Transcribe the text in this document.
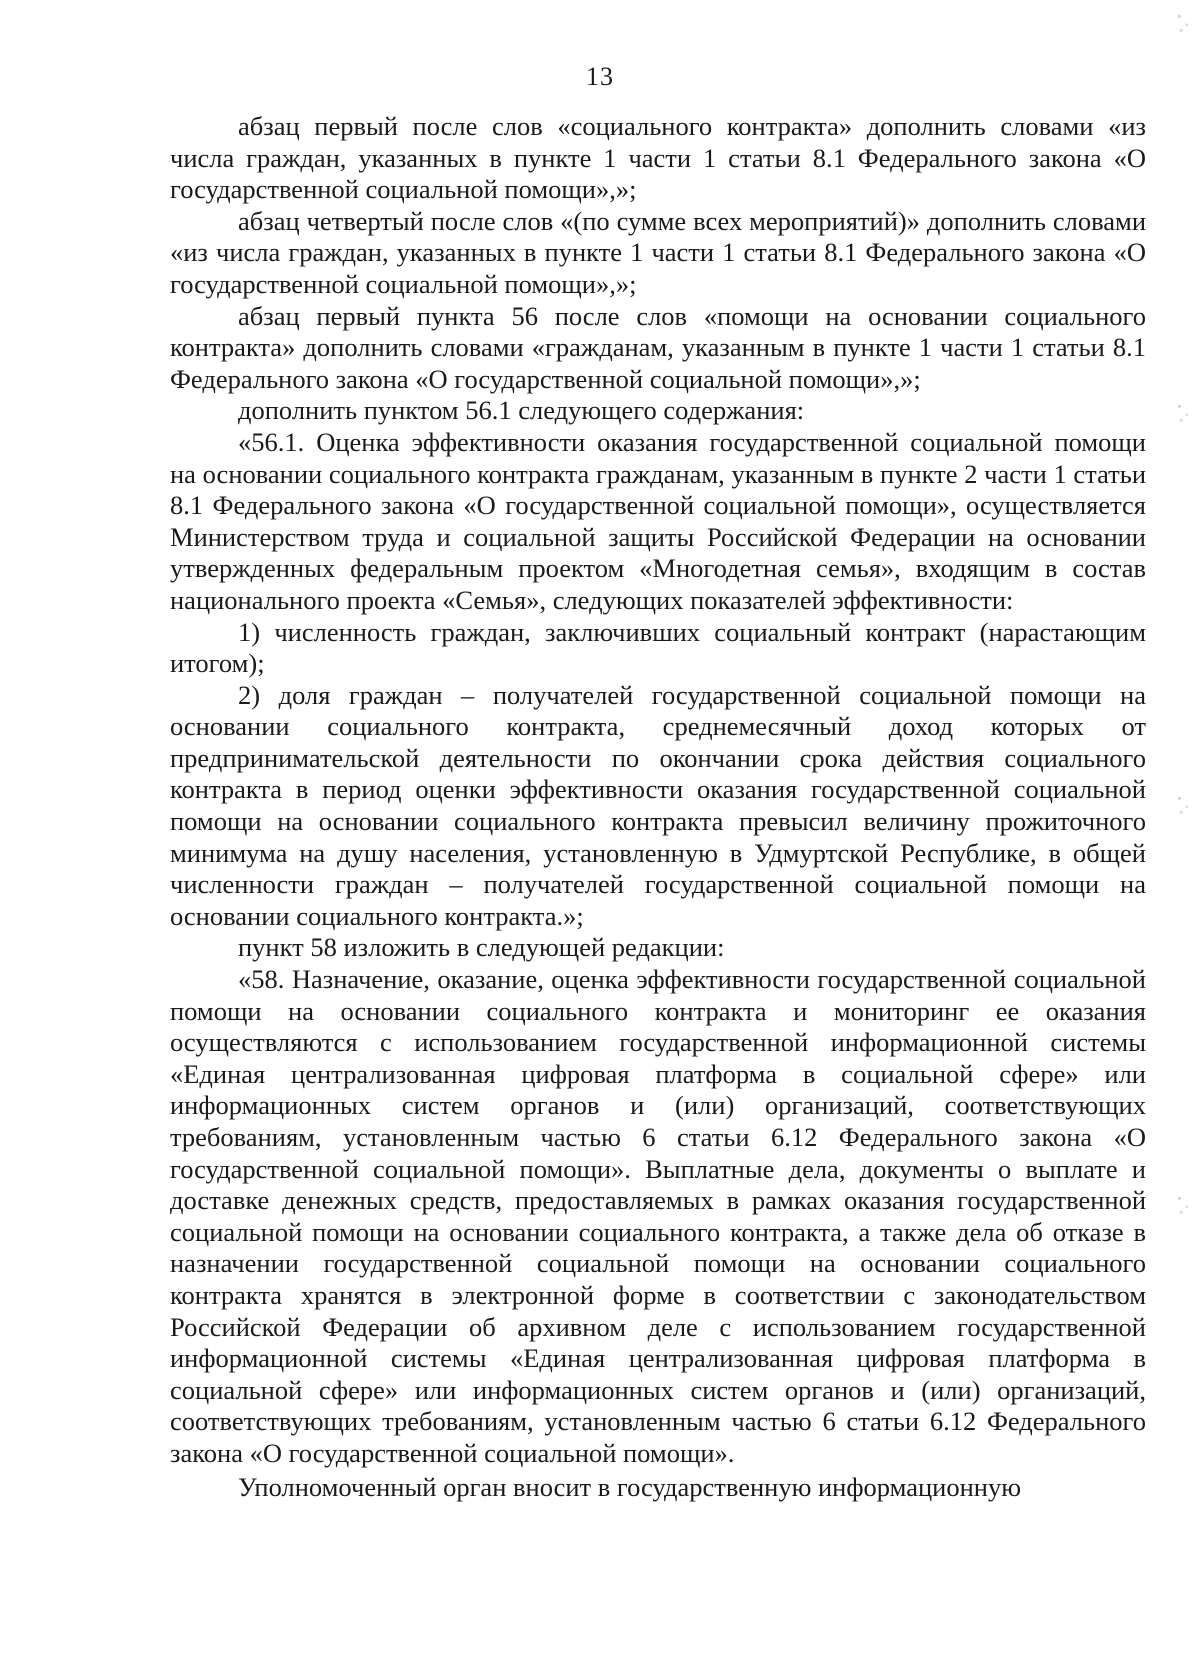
13

абзац первый после слов «социального контракта» дополнить словами «из числа граждан, указанных в пункте 1 части 1 статьи 8.1 Федерального закона «О государственной социальной помощи»,»;

абзац четвертый после слов «(по сумме всех мероприятий)» дополнить словами «из числа граждан, указанных в пункте 1 части 1 статьи 8.1 Федерального закона «О государственной социальной помощи»,»;

абзац первый пункта 56 после слов «помощи на основании социального контракта» дополнить словами «гражданам, указанным в пункте 1 части 1 статьи 8.1 Федерального закона «О государственной социальной помощи»,»;

дополнить пунктом 56.1 следующего содержания:

«56.1. Оценка эффективности оказания государственной социальной помощи на основании социального контракта гражданам, указанным в пункте 2 части 1 статьи 8.1 Федерального закона «О государственной социальной помощи», осуществляется Министерством труда и социальной защиты Российской Федерации на основании утвержденных федеральным проектом «Многодетная семья», входящим в состав национального проекта «Семья», следующих показателей эффективности:

1) численность граждан, заключивших социальный контракт (нарастающим итогом);

2) доля граждан – получателей государственной социальной помощи на основании социального контракта, среднемесячный доход которых от предпринимательской деятельности по окончании срока действия социального контракта в период оценки эффективности оказания государственной социальной помощи на основании социального контракта превысил величину прожиточного минимума на душу населения, установленную в Удмуртской Республике, в общей численности граждан – получателей государственной социальной помощи на основании социального контракта.»;

пункт 58 изложить в следующей редакции:

«58. Назначение, оказание, оценка эффективности государственной социальной помощи на основании социального контракта и мониторинг ее оказания осуществляются с использованием государственной информационной системы «Единая централизованная цифровая платформа в социальной сфере» или информационных систем органов и (или) организаций, соответствующих требованиям, установленным частью 6 статьи 6.12 Федерального закона «О государственной социальной помощи». Выплатные дела, документы о выплате и доставке денежных средств, предоставляемых в рамках оказания государственной социальной помощи на основании социального контракта, а также дела об отказе в назначении государственной социальной помощи на основании социального контракта хранятся в электронной форме в соответствии с законодательством Российской Федерации об архивном деле с использованием государственной информационной системы «Единая централизованная цифровая платформа в социальной сфере» или информационных систем органов и (или) организаций, соответствующих требованиям, установленным частью 6 статьи 6.12 Федерального закона «О государственной социальной помощи».

Уполномоченный орган вносит в государственную информационную
